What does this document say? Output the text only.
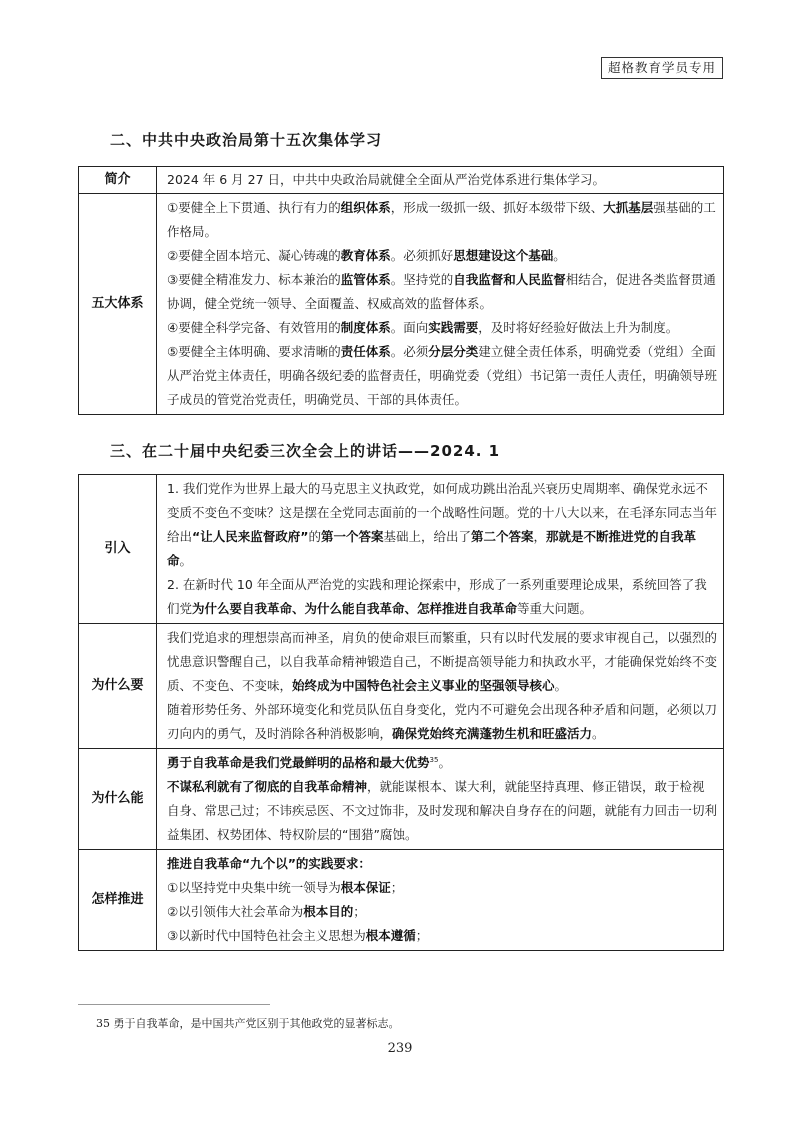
超格教育学员专用
二、中共中央政治局第十五次集体学习
简介	2024 年 6 月 27 日，中共中央政治局就健全全面从严治党体系进行集体学习。
五大体系	①要健全上下贯通、执行有力的组织体系，形成一级抓一级、抓好本级带下级、大抓基层强基础的工作格局。

②要健全固本培元、凝心铸魂的教育体系。必须抓好思想建设这个基础。

③要健全精准发力、标本兼治的监管体系。坚持党的自我监督和人民监督相结合，促进各类监督贯通协调，健全党统一领导、全面覆盖、权威高效的监督体系。

④要健全科学完备、有效管用的制度体系。面向实践需要，及时将好经验好做法上升为制度。

⑤要健全主体明确、要求清晰的责任体系。必须分层分类建立健全责任体系，明确党委（党组）全面从严治党主体责任，明确各级纪委的监督责任，明确党委（党组）书记第一责任人责任，明确领导班子成员的管党治党责任，明确党员、干部的具体责任。

三、在二十届中央纪委三次全会上的讲话——2024. 1
引入	1. 我们党作为世界上最大的马克思主义执政党，如何成功跳出治乱兴衰历史周期率、确保党永远不变质不变色不变味？这是摆在全党同志面前的一个战略性问题。党的十八大以来，在毛泽东同志当年给出“让人民来监督政府”的第一个答案基础上，给出了第二个答案，那就是不断推进党的自我革命。

2. 在新时代 10 年全面从严治党的实践和理论探索中，形成了一系列重要理论成果，系统回答了我们党为什么要自我革命、为什么能自我革命、怎样推进自我革命等重大问题。

为什么要	我们党追求的理想崇高而神圣，肩负的使命艰巨而繁重，只有以时代发展的要求审视自己，以强烈的忧患意识警醒自己，以自我革命精神锻造自己，不断提高领导能力和执政水平，才能确保党始终不变质、不变色、不变味，始终成为中国特色社会主义事业的坚强领导核心。

随着形势任务、外部环境变化和党员队伍自身变化，党内不可避免会出现各种矛盾和问题，必须以刀刃向内的勇气，及时消除各种消极影响，确保党始终充满蓬勃生机和旺盛活力。

为什么能	勇于自我革命是我们党最鲜明的品格和最大优势$^{35}$。

不谋私利就有了彻底的自我革命精神，就能谋根本、谋大利，就能坚持真理、修正错误，敢于检视自身、常思己过；不讳疾忌医、不文过饰非，及时发现和解决自身存在的问题，就能有力回击一切利益集团、权势团体、特权阶层的“围猎”腐蚀。

怎样推进	推进自我革命“九个以”的实践要求：

①以坚持党中央集中统一领导为根本保证；

②以引领伟大社会革命为根本目的；

③以新时代中国特色社会主义思想为根本遵循；

35 勇于自我革命，是中国共产党区别于其他政党的显著标志。
239
